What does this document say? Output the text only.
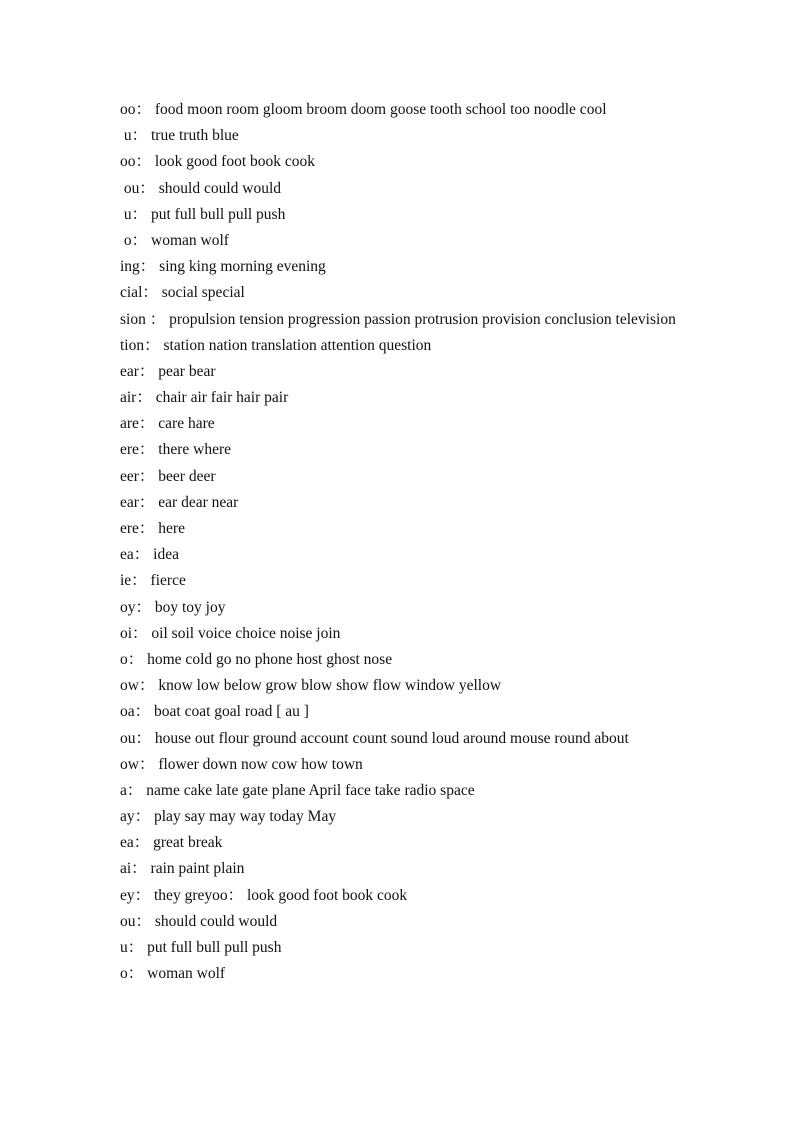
oo： food moon room gloom broom doom goose tooth school too noodle cool
u： true truth blue
oo： look good foot book cook
ou： should could would
u： put full bull pull push
o： woman wolf
ing： sing king morning evening
cial： social special
sion ： propulsion tension progression passion protrusion provision conclusion television
tion： station nation translation attention question
ear： pear bear
air： chair air fair hair pair
are： care hare
ere： there where
eer： beer deer
ear： ear dear near
ere： here
ea： idea
ie： fierce
oy： boy toy joy
oi： oil soil voice choice noise join
o： home cold go no phone host ghost nose
ow： know low below grow blow show flow window yellow
oa： boat coat goal road [ au ]
ou： house out flour ground account count sound loud around mouse round about
ow： flower down now cow how town
a： name cake late gate plane April face take radio space
ay： play say may way today May
ea： great break
ai： rain paint plain
ey： they greyoo： look good foot book cook
ou： should could would
u： put full bull pull push
o： woman wolf
